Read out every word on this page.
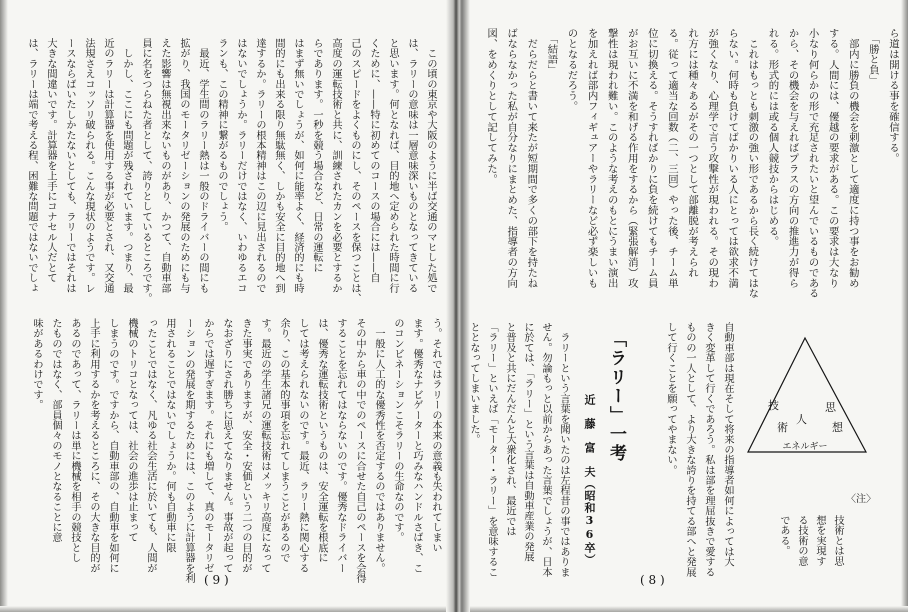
ら道は開ける事を確信する。
　「勝と負」
　部内に勝負の機会を刺激として適度に持つ事をお勧め
する。人間には、優越の要求がある。この要求は大なり
小なり何らかの形で充足されたいと望んでいるものである
から、その機会を与えればプラスの方向の推進力が得ら
れる。形式的には或る個人競技からはじめる。
　これはもっとも刺激の強い形であるから長く続けてはな
らない。何時も負けてばかりいる人にとっては欲求不満
が強くなり、心理学で言う攻撃性が現われる。その現わ
れ方には種々あるがその一つとして部離脱が考えられ
る。従って適当な回数（二、三回）やった後、チーム単
位に切換える。そうすればかりに負を続けてもチーム員
がお互いに不満を和げる作用をするから（緊張解消）攻
撃性は現われ難い。このような考えのもとにうまい演出
を加えれば部内フィギュアーやラリーなど必ず楽しいも
のとなるだろう。
　「結語」
　だらだらと書いて来たが短期間で多くの部下を持たね
ばならなかった私が自分なりにまとめた、指導者の方向
図、をめくりとして記してみた。
技
術
人
思
想
エネルギー
〈注〉
技術とは思
想を実現す
る技術の意
である。
自動車部は現在そして将来の指導者如何によっては大
きく変革して行くであろう。私は部を理屈抜きで愛する
ものの一人として、より大きな誇りを持てる部へと発展
して行くことを願ってやまない。
「ラリー」一考
近　藤　富　夫（昭和36卒）
　ラリーという言葉を聞いたのは左程昔の事ではありま
せん。勿論もっと以前からあった言葉でしょうが、日本
に於ては、「ラリー」という言葉は自動車産業の発展
と普及と共にだんだんと大衆化され、最近では
「ラリー」といえば「モーター・ラリー」を意味するこ
ととなってしまいました。
( 8 )
　この頃の東京や大阪のように半ば交通のマヒした処で
は、ラリーの意味は一層意味深いものとなってきている
と思います。何となれば、目的地へ定められた時間に行
くために、——特に初めてのコースの場合には——自
己のスピードをよくものにし、そのペースを保つことは、
高度の運転技術と共に、訓練されたカンを必要とするか
らであります。一秒を競う場合など、日常の運転に
はまず無いでしょうが、如何に能率よく、経済的にも時
間的にも出来る限り無駄無く、しかも安全に目的地へ到
達するか。ラリーの根本精神はこの辺に見出されるので
はないでしょうか。ラリーだけではなく、いわゆるエコ
ランも、この精神に繋がるものでしょう。
　最近、学生間のラリー熱は一般のドライバーの間にも
拡がり、我国のモータリゼーションの発展のためにも与
えた影響は無視出来ないものがあり、かつて、自動車部
員に名をつらねた者として、誇りとしているところです。
　しかし、ここにも問題が残されています。つまり、最
近のラリーは計算器を使用する事が必要とされ、又交通
法規さえコッソリ破られる。こんな現状のようです。レ
ースならばいたしかたないとしても、ラリーではそれは
大きな間違いです。計算器を上手にコナセル人だとて
は、ラリーは端で考える程、困難な問題ではないでしょ
う。それではラリーの本来の意義も失われてしまい
ます。優秀なナビゲーターと巧みなハンドルさばき、こ
のコンビネーションこそラリーの生命なのです。
　一般に人工的な優秀性を否定するのではありません。
その中から車の中でのペースに合せた自己のペースを会得
することを忘れてはならないのです。優秀なドライバー
は、優秀な運転技術というものは、安全運転を根底に
しては考えられないのです。最近、ラリー熱に関心する
余り、この基本的事項を忘れてしまうことがあるので
す。最近の学生諸兄の運転技術はメッキリ高度になって
きた事実でありますが、安全・安価という二つの目的が
なおざりにされ勝ちに思えてなりません。事故が起って
からでは遅すぎます。それにも増して、真のモータリゼ
ーションの発展を期するためには、このように計算器を利
用されることではないでしょうか。何も自動車に限
ったことではなく、凡ゆる社会生活に於いても、人間が
機械のトリコとなっては、社会の進歩は止まって
しまうのです。ですから、自動車部の、自動車を如何に
上手に利用するかを考えるところに、その大きな目的が
あるのであって、ラリーは単に機械を相手の競技とし
たものではなく、部員個々のモノとなることに意
味があるわけです。
( 9 )
